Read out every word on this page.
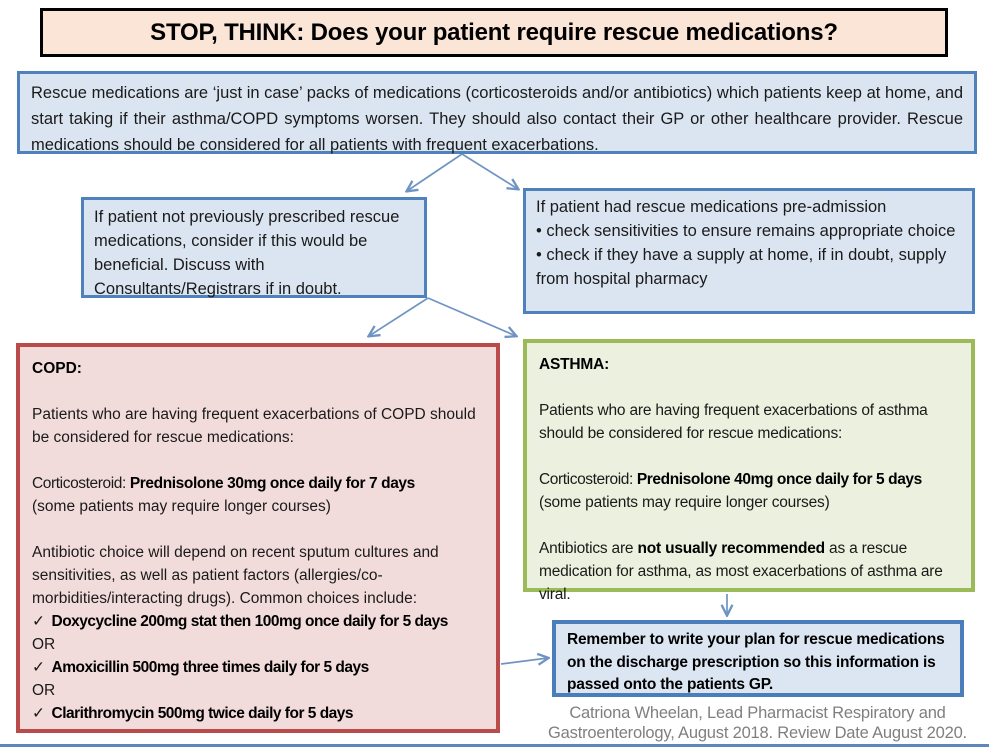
STOP, THINK: Does your patient require rescue medications?
Rescue medications are ‘just in case’ packs of medications (corticosteroids and/or antibiotics) which patients keep at home, and start taking if their asthma/COPD symptoms worsen. They should also contact their GP or other healthcare provider. Rescue medications should be considered for all patients with frequent exacerbations.
If patient not previously prescribed rescue medications, consider if this would be beneficial. Discuss with Consultants/Registrars if in doubt.
If patient had rescue medications pre-admission
• check sensitivities to ensure remains appropriate choice
• check if they have a supply at home, if in doubt, supply from hospital pharmacy
COPD:
Patients who are having frequent exacerbations of COPD should be considered for rescue medications:
Corticosteroid: Prednisolone 30mg once daily for 7 days
(some patients may require longer courses)
Antibiotic choice will depend on recent sputum cultures and sensitivities, as well as patient factors (allergies/co-morbidities/interacting drugs). Common choices include:
✓ Doxycycline 200mg stat then 100mg once daily for 5 days
OR
✓ Amoxicillin 500mg three times daily for 5 days
OR
✓ Clarithromycin 500mg twice daily for 5 days
ASTHMA:
Patients who are having frequent exacerbations of asthma should be considered for rescue medications:
Corticosteroid: Prednisolone 40mg once daily for 5 days
(some patients may require longer courses)
Antibiotics are not usually recommended as a rescue medication for asthma, as most exacerbations of asthma are viral.
Remember to write your plan for rescue medications on the discharge prescription so this information is passed onto the patients GP.
Catriona Wheelan, Lead Pharmacist Respiratory and
Gastroenterology, August 2018. Review Date August 2020.
